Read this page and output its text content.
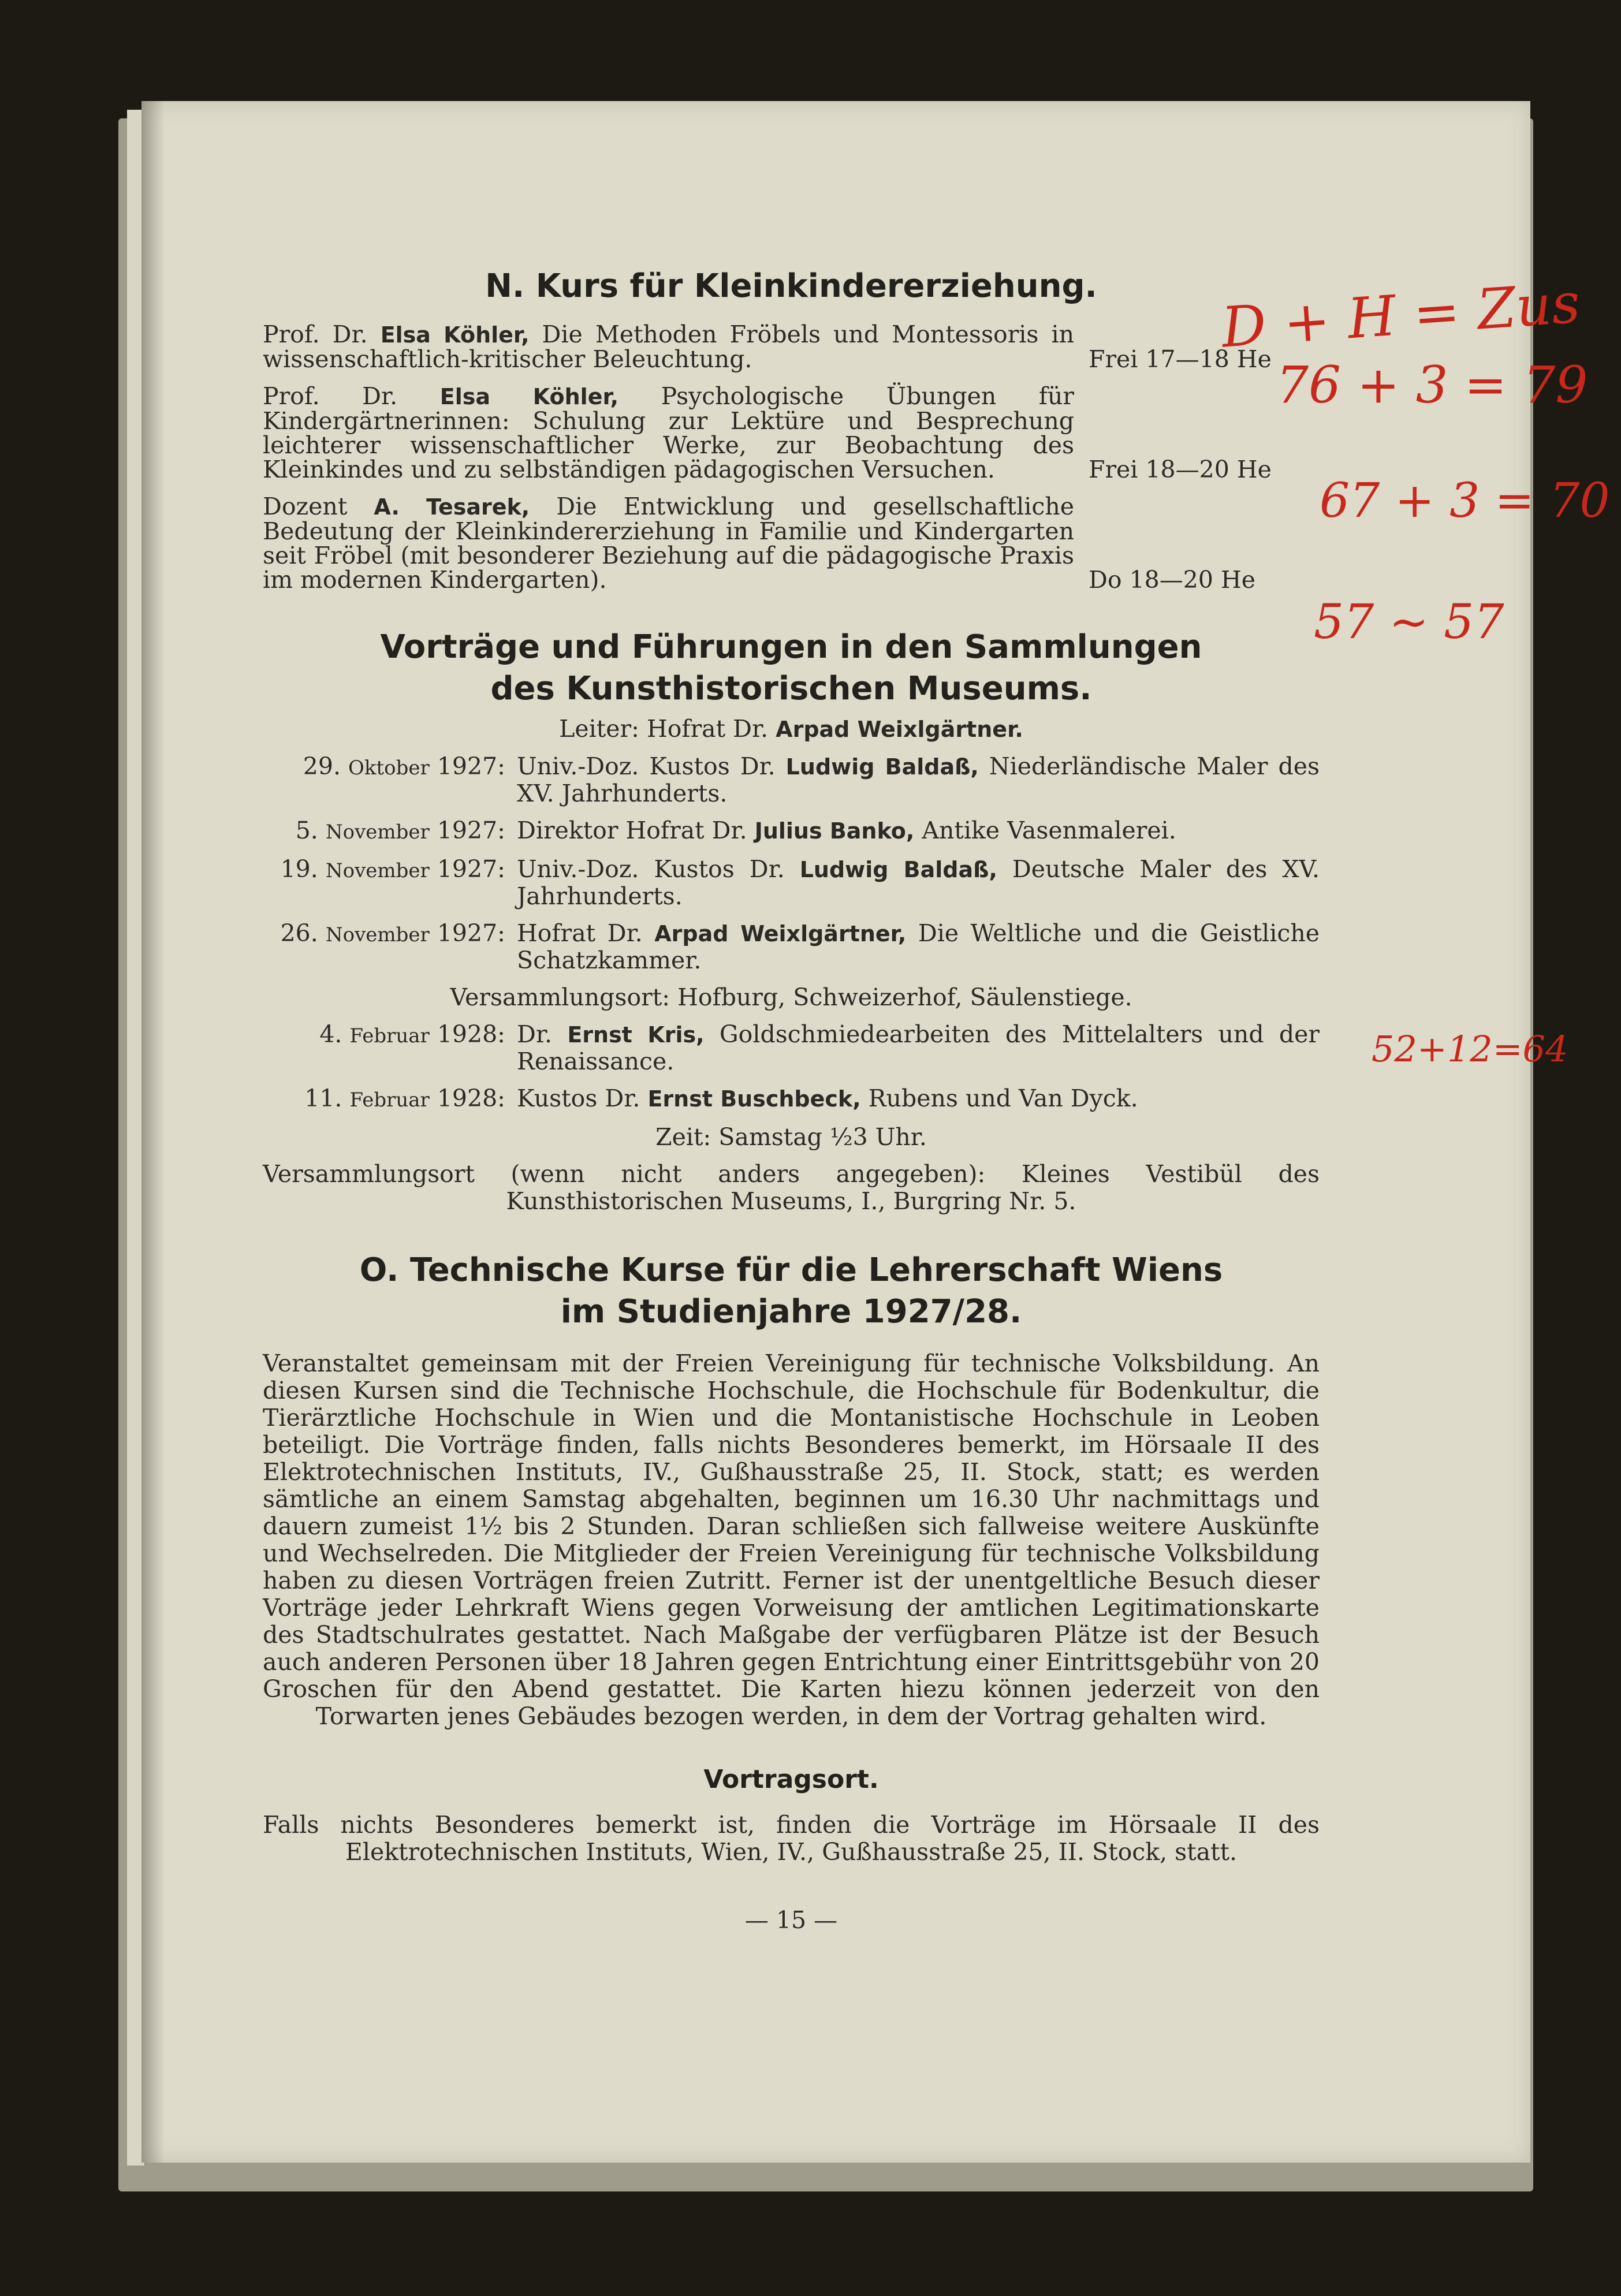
N. Kurs für Kleinkindererziehung.
Prof. Dr. Elsa Köhler, Die Methoden Fröbels und Montessoris in wissenschaftlich-kritischer Beleuchtung.	Frei 17—18 He
Prof. Dr. Elsa Köhler, Psychologische Übungen für Kindergärtnerinnen: Schulung zur Lektüre und Besprechung leichterer wissenschaftlicher Werke, zur Beobachtung des Kleinkindes und zu selbständigen pädagogischen Versuchen.	Frei 18—20 He
Dozent A. Tesarek, Die Entwicklung und gesellschaftliche Bedeutung der Kleinkindererziehung in Familie und Kindergarten seit Fröbel (mit besonderer Beziehung auf die pädagogische Praxis im modernen Kindergarten).	Do 18—20 He
Vorträge und Führungen in den Sammlungen
des Kunsthistorischen Museums.
Leiter: Hofrat Dr. Arpad Weixlgärtner.
29. Oktober 1927: Univ.-Doz. Kustos Dr. Ludwig Baldaß, Niederländische Maler des XV. Jahrhunderts.
5. November 1927: Direktor Hofrat Dr. Julius Banko, Antike Vasenmalerei.
19. November 1927: Univ.-Doz. Kustos Dr. Ludwig Baldaß, Deutsche Maler des XV. Jahrhunderts.
26. November 1927: Hofrat Dr. Arpad Weixlgärtner, Die Weltliche und die Geistliche Schatzkammer.
Versammlungsort: Hofburg, Schweizerhof, Säulenstiege.
4. Februar 1928: Dr. Ernst Kris, Goldschmiedearbeiten des Mittelalters und der Renaissance.
11. Februar 1928: Kustos Dr. Ernst Buschbeck, Rubens und Van Dyck.
Zeit: Samstag ½3 Uhr.
Versammlungsort (wenn nicht anders angegeben): Kleines Vestibül des Kunsthistorischen Museums, I., Burgring Nr. 5.
O. Technische Kurse für die Lehrerschaft Wiens
im Studienjahre 1927/28.
Veranstaltet gemeinsam mit der Freien Vereinigung für technische Volksbildung. An diesen Kursen sind die Technische Hochschule, die Hochschule für Bodenkultur, die Tierärztliche Hochschule in Wien und die Montanistische Hochschule in Leoben beteiligt. Die Vorträge finden, falls nichts Besonderes bemerkt, im Hörsaale II des Elektrotechnischen Instituts, IV., Gußhausstraße 25, II. Stock, statt; es werden sämtliche an einem Samstag abgehalten, beginnen um 16.30 Uhr nachmittags und dauern zumeist 1½ bis 2 Stunden. Daran schließen sich fallweise weitere Auskünfte und Wechselreden. Die Mitglieder der Freien Vereinigung für technische Volksbildung haben zu diesen Vorträgen freien Zutritt. Ferner ist der unentgeltliche Besuch dieser Vorträge jeder Lehrkraft Wiens gegen Vorweisung der amtlichen Legitimationskarte des Stadtschulrates gestattet. Nach Maßgabe der verfügbaren Plätze ist der Besuch auch anderen Personen über 18 Jahren gegen Entrichtung einer Eintrittsgebühr von 20 Groschen für den Abend gestattet. Die Karten hiezu können jederzeit von den Torwarten jenes Gebäudes bezogen werden, in dem der Vortrag gehalten wird.
Vortragsort.
Falls nichts Besonderes bemerkt ist, finden die Vorträge im Hörsaale II des Elektrotechnischen Instituts, Wien, IV., Gußhausstraße 25, II. Stock, statt.
— 15 —
D + H = Zus
76 + 3 = 79
67 + 3 = 70
57 ~ 57
52+12=64
